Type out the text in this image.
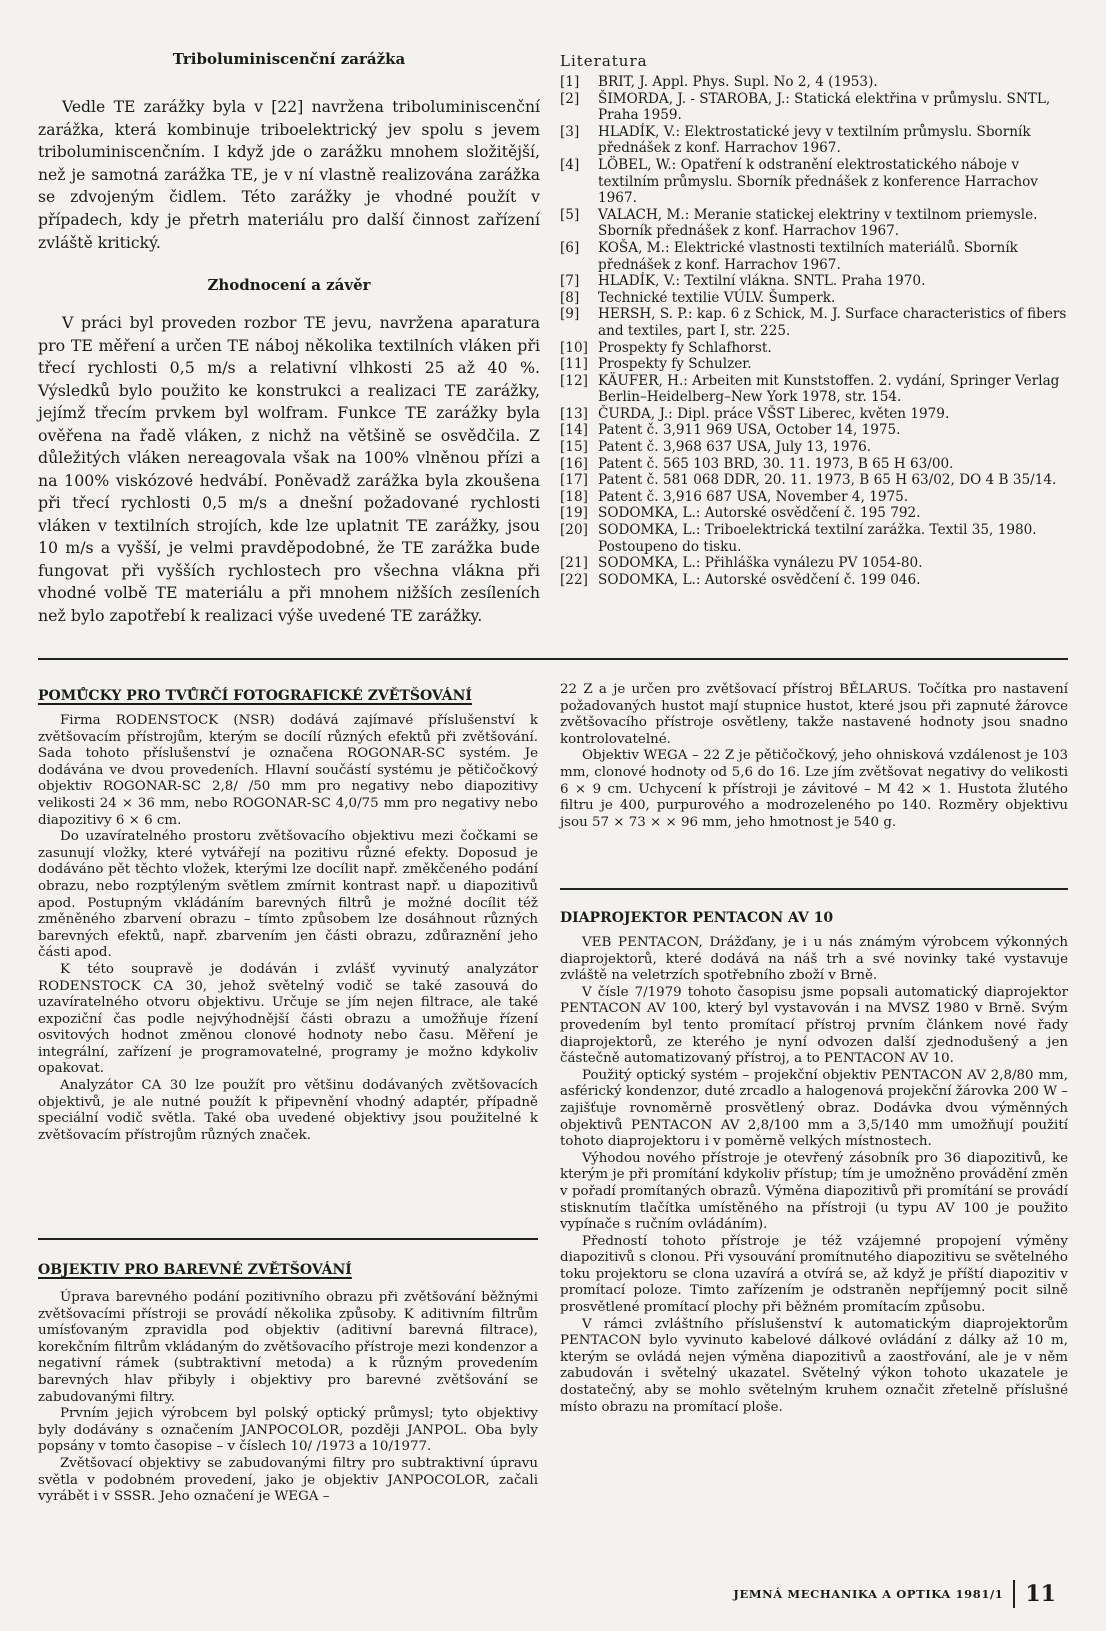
Triboluminiscenční zarážka

Vedle TE zarážky byla v [22] navržena triboluminiscenční zarážka, která kombinuje triboelektrický jev spolu s jevem triboluminiscenčním. I když jde o zarážku mnohem složitější, než je samotná zarážka TE, je v ní vlastně realizována zarážka se zdvojeným čidlem. Této zarážky je vhodné použít v případech, kdy je přetrh materiálu pro další činnost zařízení zvláště kritický.

Zhodnocení a závěr

V práci byl proveden rozbor TE jevu, navržena aparatura pro TE měření a určen TE náboj několika textilních vláken při třecí rychlosti 0,5 m/s a relativní vlhkosti 25 až 40 %. Výsledků bylo použito ke konstrukci a realizaci TE zarážky, jejímž třecím prvkem byl wolfram. Funkce TE zarážky byla ověřena na řadě vláken, z nichž na většině se osvědčila. Z důležitých vláken nereagovala však na 100% vlněnou přízi a na 100% viskózové hedvábí. Poněvadž zarážka byla zkoušena při třecí rychlosti 0,5 m/s a dnešní požadované rychlosti vláken v textilních strojích, kde lze uplatnit TE zarážky, jsou 10 m/s a vyšší, je velmi pravděpodobné, že TE zarážka bude fungovat při vyšších rychlostech pro všechna vlákna při vhodné volbě TE materiálu a při mnohem nižších zesíleních než bylo zapotřebí k realizaci výše uvedené TE zarážky.

Literatura

[1]	BRIT, J. Appl. Phys. Supl. No 2, 4 (1953).
[2]	ŠIMORDA, J. - STAROBA, J.: Statická elektřina v průmyslu. SNTL, Praha 1959.
[3]	HLADÍK, V.: Elektrostatické jevy v textilním průmyslu. Sborník přednášek z konf. Harrachov 1967.
[4]	LÖBEL, W.: Opatření k odstranění elektrostatického náboje v textilním průmyslu. Sborník přednášek z konference Harrachov 1967.
[5]	VALACH, M.: Meranie statickej elektriny v textilnom priemysle. Sborník přednášek z konf. Harrachov 1967.
[6]	KOŠA, M.: Elektrické vlastnosti textilních materiálů. Sborník přednášek z konf. Harrachov 1967.
[7]	HLADÍK, V.: Textilní vlákna. SNTL. Praha 1970.
[8]	Technické textilie VÚLV. Šumperk.
[9]	HERSH, S. P.: kap. 6 z Schick, M. J. Surface characteristics of fibers and textiles, part I, str. 225.
[10] Prospekty fy Schlafhorst.
[11] Prospekty fy Schulzer.
[12] KÄUFER, H.: Arbeiten mit Kunststoffen. 2. vydání, Springer Verlag Berlin–Heidelberg–New York 1978, str. 154.
[13] ČURDA, J.: Dipl. práce VŠST Liberec, květen 1979.
[14] Patent č. 3,911 969 USA, October 14, 1975.
[15] Patent č. 3,968 637 USA, July 13, 1976.
[16] Patent č. 565 103 BRD, 30. 11. 1973, B 65 H 63/00.
[17] Patent č. 581 068 DDR, 20. 11. 1973, B 65 H 63/02, DO 4 B 35/14.
[18] Patent č. 3,916 687 USA, November 4, 1975.
[19] SODOMKA, L.: Autorské osvědčení č. 195 792.
[20] SODOMKA, L.: Triboelektrická textilní zarážka. Textil 35, 1980. Postoupeno do tisku.
[21] SODOMKA, L.: Přihláška vynálezu PV 1054-80.
[22] SODOMKA, L.: Autorské osvědčení č. 199 046.
POMŮCKY PRO TVŮRČÍ FOTOGRAFICKÉ ZVĚTŠOVÁNÍ

Firma RODENSTOCK (NSR) dodává zajímavé příslušenství k zvětšovacím přístrojům, kterým se docílí různých efektů při zvětšování. Sada tohoto příslušenství je označena ROGONAR-SC systém. Je dodávána ve dvou provedeních. Hlavní součástí systému je pětičočkový objektiv ROGONAR-SC 2,8/ /50 mm pro negativy nebo diapozitivy velikosti 24 × 36 mm, nebo ROGONAR-SC 4,0/75 mm pro negativy nebo diapozitivy 6 × 6 cm.

Do uzavíratelného prostoru zvětšovacího objektivu mezi čočkami se zasunují vložky, které vytvářejí na pozitivu různé efekty. Doposud je dodáváno pět těchto vložek, kterými lze docílit např. změkčeného podání obrazu, nebo rozptýleným světlem zmírnit kontrast např. u diapozitivů apod. Postupným vkládáním barevných filtrů je možné docílit též změněného zbarvení obrazu – tímto způsobem lze dosáhnout různých barevných efektů, např. zbarvením jen části obrazu, zdůraznění jeho části apod.

K této soupravě je dodáván i zvlášť vyvinutý analyzátor RODENSTOCK CA 30, jehož světelný vodič se také zasouvá do uzavíratelného otvoru objektivu. Určuje se jím nejen filtrace, ale také expoziční čas podle nejvýhodnější části obrazu a umožňuje řízení osvitových hodnot změnou clonové hodnoty nebo času. Měření je integrální, zařízení je programovatelné, programy je možno kdykoliv opakovat.

Analyzátor CA 30 lze použít pro většinu dodávaných zvětšovacích objektivů, je ale nutné použít k připevnění vhodný adaptér, případně speciální vodič světla. Také oba uvedené objektivy jsou použitelné k zvětšovacím přístrojům různých značek.

OBJEKTIV PRO BAREVNÉ ZVĚTŠOVÁNÍ

Úprava barevného podání pozitivního obrazu při zvětšování běžnými zvětšovacími přístroji se provádí několika způsoby. K aditivním filtrům umísťovaným zpravidla pod objektiv (aditivní barevná filtrace), korekčním filtrům vkládaným do zvětšovacího přístroje mezi kondenzor a negativní rámek (subtraktivní metoda) a k různým provedením barevných hlav přibyly i objektivy pro barevné zvětšování se zabudovanými filtry.

Prvním jejich výrobcem byl polský optický průmysl; tyto objektivy byly dodávány s označením JANPOCOLOR, později JANPOL. Oba byly popsány v tomto časopise – v číslech 10/ /1973 a 10/1977.

Zvětšovací objektivy se zabudovanými filtry pro subtraktivní úpravu světla v podobném provedení, jako je objektiv JANPOCOLOR, začali vyrábět i v SSSR. Jeho označení je WEGA –

22 Z a je určen pro zvětšovací přístroj BĚLARUS. Točítka pro nastavení požadovaných hustot mají stupnice hustot, které jsou při zapnuté žárovce zvětšovacího přístroje osvětleny, takže nastavené hodnoty jsou snadno kontrolovatelné.

Objektiv WEGA – 22 Z je pětičočkový, jeho ohnisková vzdálenost je 103 mm, clonové hodnoty od 5,6 do 16. Lze jím zvětšovat negativy do velikosti 6 × 9 cm. Uchycení k přístroji je závitové – M 42 × 1. Hustota žlutého filtru je 400, purpurového a modrozeleného po 140. Rozměry objektivu jsou 57 × 73 × × 96 mm, jeho hmotnost je 540 g.

DIAPROJEKTOR PENTACON AV 10

VEB PENTACON, Drážďany, je i u nás známým výrobcem výkonných diaprojektorů, které dodává na náš trh a své novinky také vystavuje zvláště na veletrzích spotřebního zboží v Brně.

V čísle 7/1979 tohoto časopisu jsme popsali automatický diaprojektor PENTACON AV 100, který byl vystavován i na MVSZ 1980 v Brně. Svým provedením byl tento promítací přístroj prvním článkem nové řady diaprojektorů, ze kterého je nyní odvozen další zjednodušený a jen částečně automatizovaný přístroj, a to PENTACON AV 10.

Použitý optický systém – projekční objektiv PENTACON AV 2,8/80 mm, asférický kondenzor, duté zrcadlo a halogenová projekční žárovka 200 W – zajišťuje rovnoměrně prosvětlený obraz. Dodávka dvou výměnných objektivů PENTACON AV 2,8/100 mm a 3,5/140 mm umožňují použití tohoto diaprojektoru i v poměrně velkých místnostech.

Výhodou nového přístroje je otevřený zásobník pro 36 diapozitivů, ke kterým je při promítání kdykoliv přístup; tím je umožněno provádění změn v pořadí promítaných obrazů. Výměna diapozitivů při promítání se provádí stisknutím tlačítka umístěného na přístroji (u typu AV 100 je použito vypínače s ručním ovládáním).

Předností tohoto přístroje je též vzájemné propojení výměny diapozitivů s clonou. Při vysouvání promítnutého diapozitivu se světelného toku projektoru se clona uzavírá a otvírá se, až když je příští diapozitiv v promítací poloze. Timto zařízením je odstraněn nepříjemný pocit silně prosvětlené promítací plochy při běžném promítacím způsobu.

V rámci zvláštního příslušenství k automatickým diaprojektorům PENTACON bylo vyvinuto kabelové dálkové ovládání z dálky až 10 m, kterým se ovládá nejen výměna diapozitivů a zaostřování, ale je v něm zabudován i světelný ukazatel. Světelný výkon tohoto ukazatele je dostatečný, aby se mohlo světelným kruhem označit zřetelně příslušné místo obrazu na promítací ploše.

JEMNÁ MECHANIKA A OPTIKA 1981/1 11
